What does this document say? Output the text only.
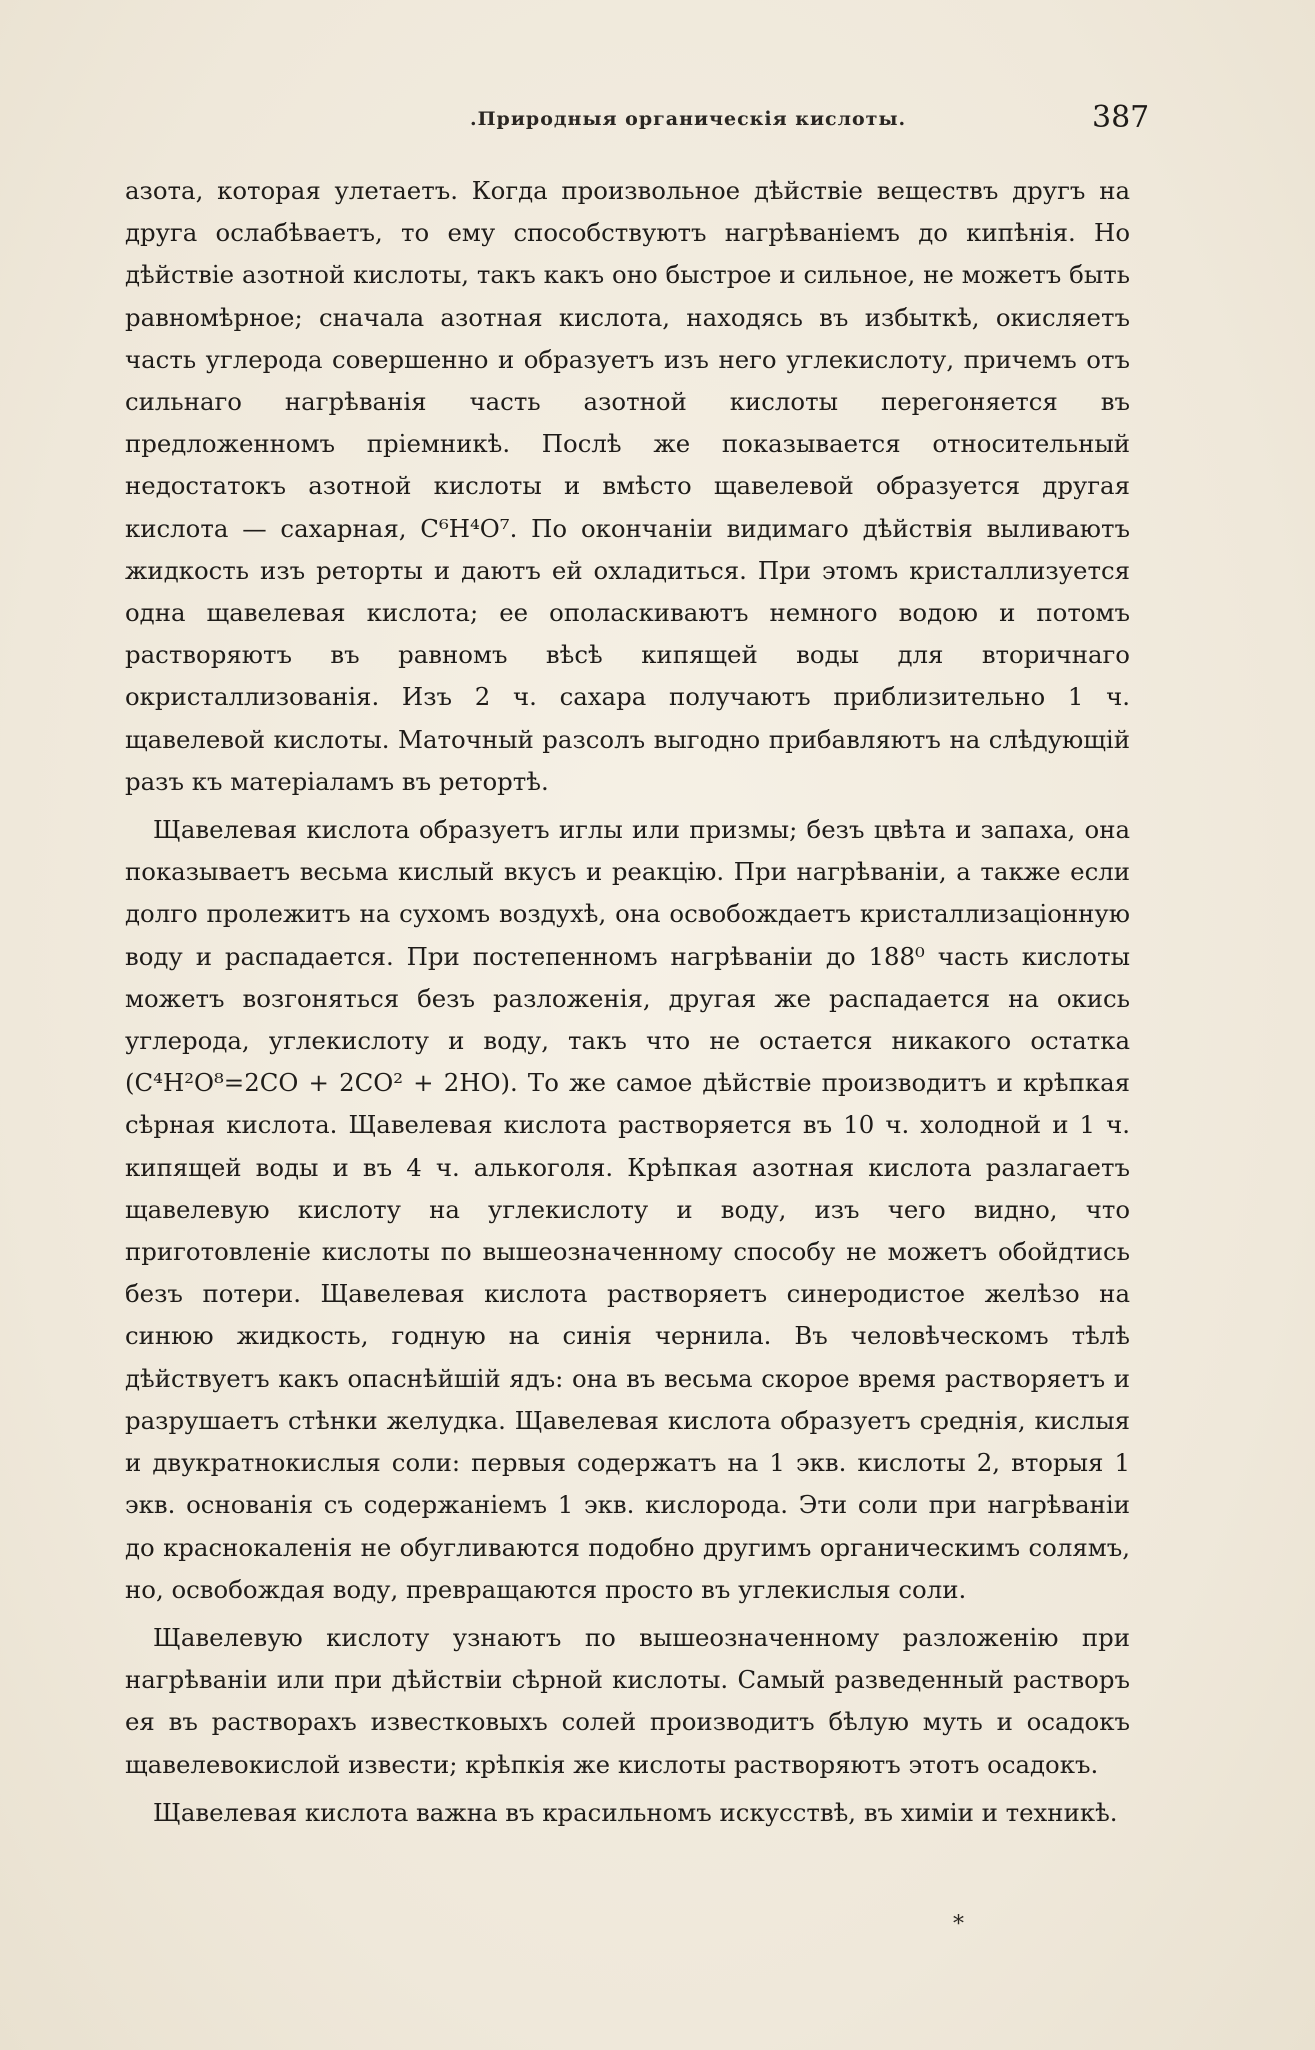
.Природныя органическія кислоты.	387

азота, которая улетаетъ. Когда произвольное дѣйствіе веществъ другъ на друга ослабѣваетъ, то ему способствуютъ нагрѣваніемъ до кипѣнія. Но дѣйствіе азотной кислоты, такъ какъ оно быстрое и сильное, не можетъ быть равномѣрное; сначала азотная кислота, находясь въ избыткѣ, окисляетъ часть углерода совершенно и образуетъ изъ него углекислоту, причемъ отъ сильнаго нагрѣванія часть азотной кислоты перегоняется въ предложенномъ пріемникѣ. Послѣ же показывается относительный недостатокъ азотной кислоты и вмѣсто щавелевой образуется другая кислота — сахарная, C⁶H⁴O⁷. По окончаніи видимаго дѣйствія выливаютъ жидкость изъ реторты и даютъ ей охладиться. При этомъ кристаллизуется одна щавелевая кислота; ее ополаскиваютъ немного водою и потомъ растворяютъ въ равномъ вѣсѣ кипящей воды для вторичнаго окристаллизованія. Изъ 2 ч. сахара получаютъ приблизительно 1 ч. щавелевой кислоты. Маточный разсолъ выгодно прибавляютъ на слѣдующій разъ къ матеріаламъ въ ретортѣ.

Щавелевая кислота образуетъ иглы или призмы; безъ цвѣта и запаха, она показываетъ весьма кислый вкусъ и реакцію. При нагрѣваніи, а также если долго пролежитъ на сухомъ воздухѣ, она освобождаетъ кристаллизаціонную воду и распадается. При постепенномъ нагрѣваніи до 188⁰ часть кислоты можетъ возгоняться безъ разложенія, другая же распадается на окись углерода, углекислоту и воду, такъ что не остается никакого остатка (C⁴H²O⁸=2CO + 2CO² + 2HO). То же самое дѣйствіе производитъ и крѣпкая сѣрная кислота. Щавелевая кислота растворяется въ 10 ч. холодной и 1 ч. кипящей воды и въ 4 ч. алькоголя. Крѣпкая азотная кислота разлагаетъ щавелевую кислоту на углекислоту и воду, изъ чего видно, что приготовленіе кислоты по вышеозначенному способу не можетъ обойдтись безъ потери. Щавелевая кислота растворяетъ синеродистое желѣзо на синюю жидкость, годную на синія чернила. Въ человѣческомъ тѣлѣ дѣйствуетъ какъ опаснѣйшій ядъ: она въ весьма скорое время растворяетъ и разрушаетъ стѣнки желудка. Щавелевая кислота образуетъ среднія, кислыя и двукратнокислыя соли: первыя содержатъ на 1 экв. кислоты 2, вторыя 1 экв. основанія съ содержаніемъ 1 экв. кислорода. Эти соли при нагрѣваніи до краснокаленія не обугливаются подобно другимъ органическимъ солямъ, но, освобождая воду, превращаются просто въ углекислыя соли.

Щавелевую кислоту узнаютъ по вышеозначенному разложенію при нагрѣваніи или при дѣйствіи сѣрной кислоты. Самый разведенный растворъ ея въ растворахъ известковыхъ солей производитъ бѣлую муть и осадокъ щавелевокислой извести; крѣпкія же кислоты растворяютъ этотъ осадокъ.

Щавелевая кислота важна въ красильномъ искусствѣ, въ химіи и техникѣ.

*
